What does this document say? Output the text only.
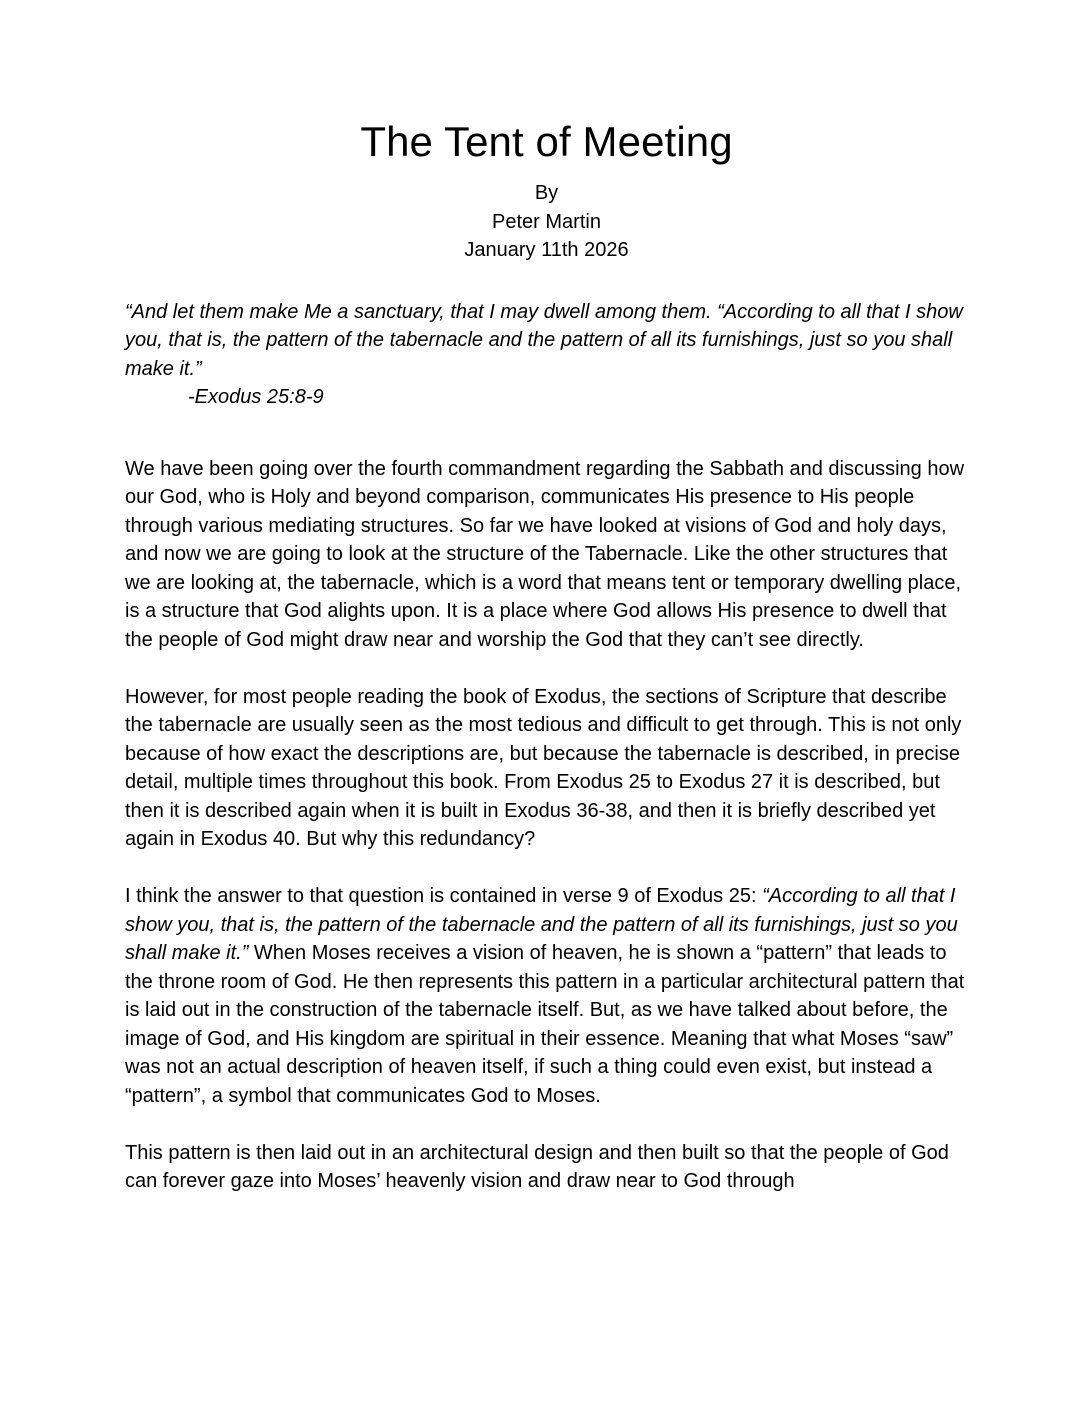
The Tent of Meeting
By
Peter Martin
January 11th 2026

“And let them make Me a sanctuary, that I may dwell among them. “According to all that I show you, that is, the pattern of the tabernacle and the pattern of all its furnishings, just so you shall make it.”

-Exodus 25:8-9

We have been going over the fourth commandment regarding the Sabbath and discussing how our God, who is Holy and beyond comparison, communicates His presence to His people through various mediating structures. So far we have looked at visions of God and holy days, and now we are going to look at the structure of the Tabernacle. Like the other structures that we are looking at, the tabernacle, which is a word that means tent or temporary dwelling place, is a structure that God alights upon. It is a place where God allows His presence to dwell that the people of God might draw near and worship the God that they can’t see directly.

However, for most people reading the book of Exodus, the sections of Scripture that describe the tabernacle are usually seen as the most tedious and difficult to get through. This is not only because of how exact the descriptions are, but because the tabernacle is described, in precise detail, multiple times throughout this book. From Exodus 25 to Exodus 27 it is described, but then it is described again when it is built in Exodus 36-38, and then it is briefly described yet again in Exodus 40. But why this redundancy?

I think the answer to that question is contained in verse 9 of Exodus 25: “According to all that I show you, that is, the pattern of the tabernacle and the pattern of all its furnishings, just so you shall make it.” When Moses receives a vision of heaven, he is shown a “pattern” that leads to the throne room of God. He then represents this pattern in a particular architectural pattern that is laid out in the construction of the tabernacle itself. But, as we have talked about before, the image of God, and His kingdom are spiritual in their essence. Meaning that what Moses “saw” was not an actual description of heaven itself, if such a thing could even exist, but instead a “pattern”, a symbol that communicates God to Moses.

This pattern is then laid out in an architectural design and then built so that the people of God can forever gaze into Moses’ heavenly vision and draw near to God through
